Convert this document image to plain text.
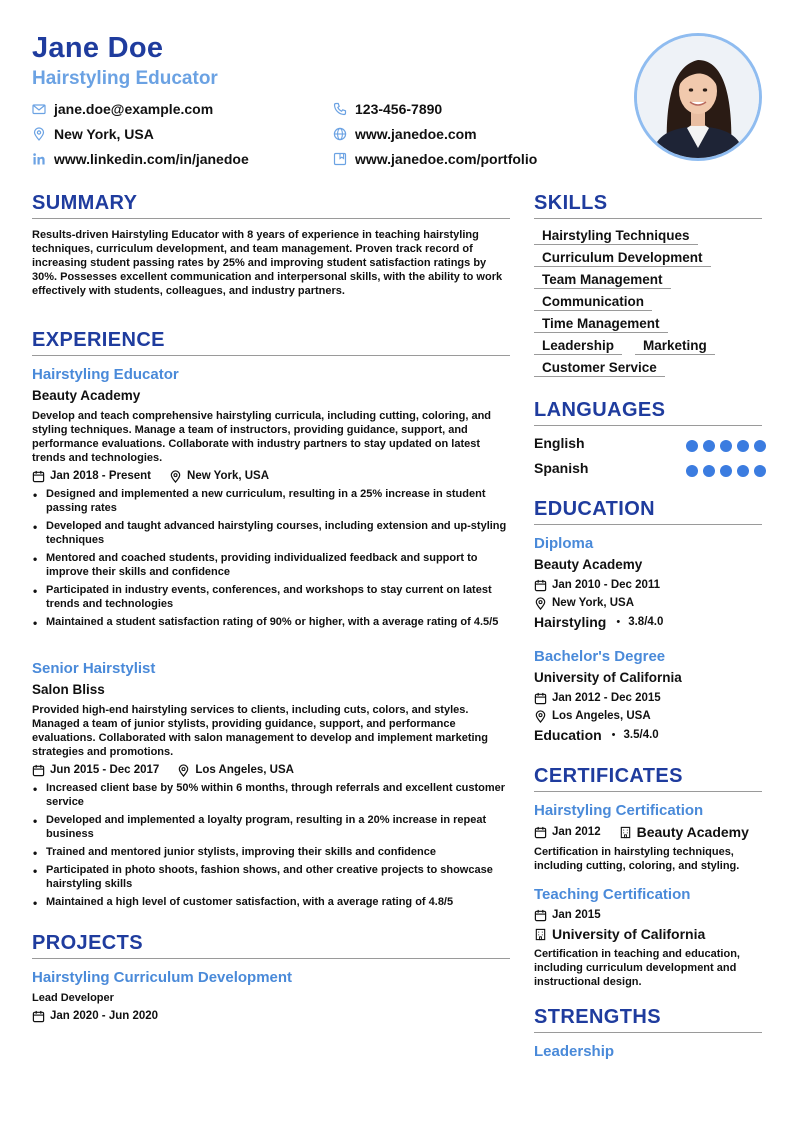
Jane Doe
Hairstyling Educator
jane.doe@example.com	123-456-7890
New York, USA	www.janedoe.com
www.linkedin.com/in/janedoe	www.janedoe.com/portfolio
SUMMARY
Results-driven Hairstyling Educator with 8 years of experience in teaching hairstyling techniques, curriculum development, and team management. Proven track record of increasing student passing rates by 25% and improving student satisfaction ratings by 30%. Possesses excellent communication and interpersonal skills, with the ability to work effectively with students, colleagues, and industry partners.
EXPERIENCE
Hairstyling Educator
Beauty Academy
Develop and teach comprehensive hairstyling curricula, including cutting, coloring, and styling techniques. Manage a team of instructors, providing guidance, support, and performance evaluations. Collaborate with industry partners to stay updated on latest trends and technologies.
Jan 2018 - Present	New York, USA
• Designed and implemented a new curriculum, resulting in a 25% increase in student passing rates
• Developed and taught advanced hairstyling courses, including extension and up-styling techniques
• Mentored and coached students, providing individualized feedback and support to improve their skills and confidence
• Participated in industry events, conferences, and workshops to stay current on latest trends and technologies
• Maintained a student satisfaction rating of 90% or higher, with a average rating of 4.5/5
Senior Hairstylist
Salon Bliss
Provided high-end hairstyling services to clients, including cuts, colors, and styles. Managed a team of junior stylists, providing guidance, support, and performance evaluations. Collaborated with salon management to develop and implement marketing strategies and promotions.
Jun 2015 - Dec 2017	Los Angeles, USA
• Increased client base by 50% within 6 months, through referrals and excellent customer service
• Developed and implemented a loyalty program, resulting in a 20% increase in repeat business
• Trained and mentored junior stylists, improving their skills and confidence
• Participated in photo shoots, fashion shows, and other creative projects to showcase hairstyling skills
• Maintained a high level of customer satisfaction, with a average rating of 4.8/5
PROJECTS
Hairstyling Curriculum Development
Lead Developer
Jan 2020 - Jun 2020
SKILLS
Hairstyling Techniques
Curriculum Development
Team Management
Communication
Time Management
Leadership	Marketing
Customer Service
LANGUAGES
English
Spanish
EDUCATION
Diploma
Beauty Academy
Jan 2010 - Dec 2011
New York, USA
Hairstyling • 3.8/4.0
Bachelor's Degree
University of California
Jan 2012 - Dec 2015
Los Angeles, USA
Education • 3.5/4.0
CERTIFICATES
Hairstyling Certification
Jan 2012	Beauty Academy
Certification in hairstyling techniques, including cutting, coloring, and styling.
Teaching Certification
Jan 2015
University of California
Certification in teaching and education, including curriculum development and instructional design.
STRENGTHS
Leadership
